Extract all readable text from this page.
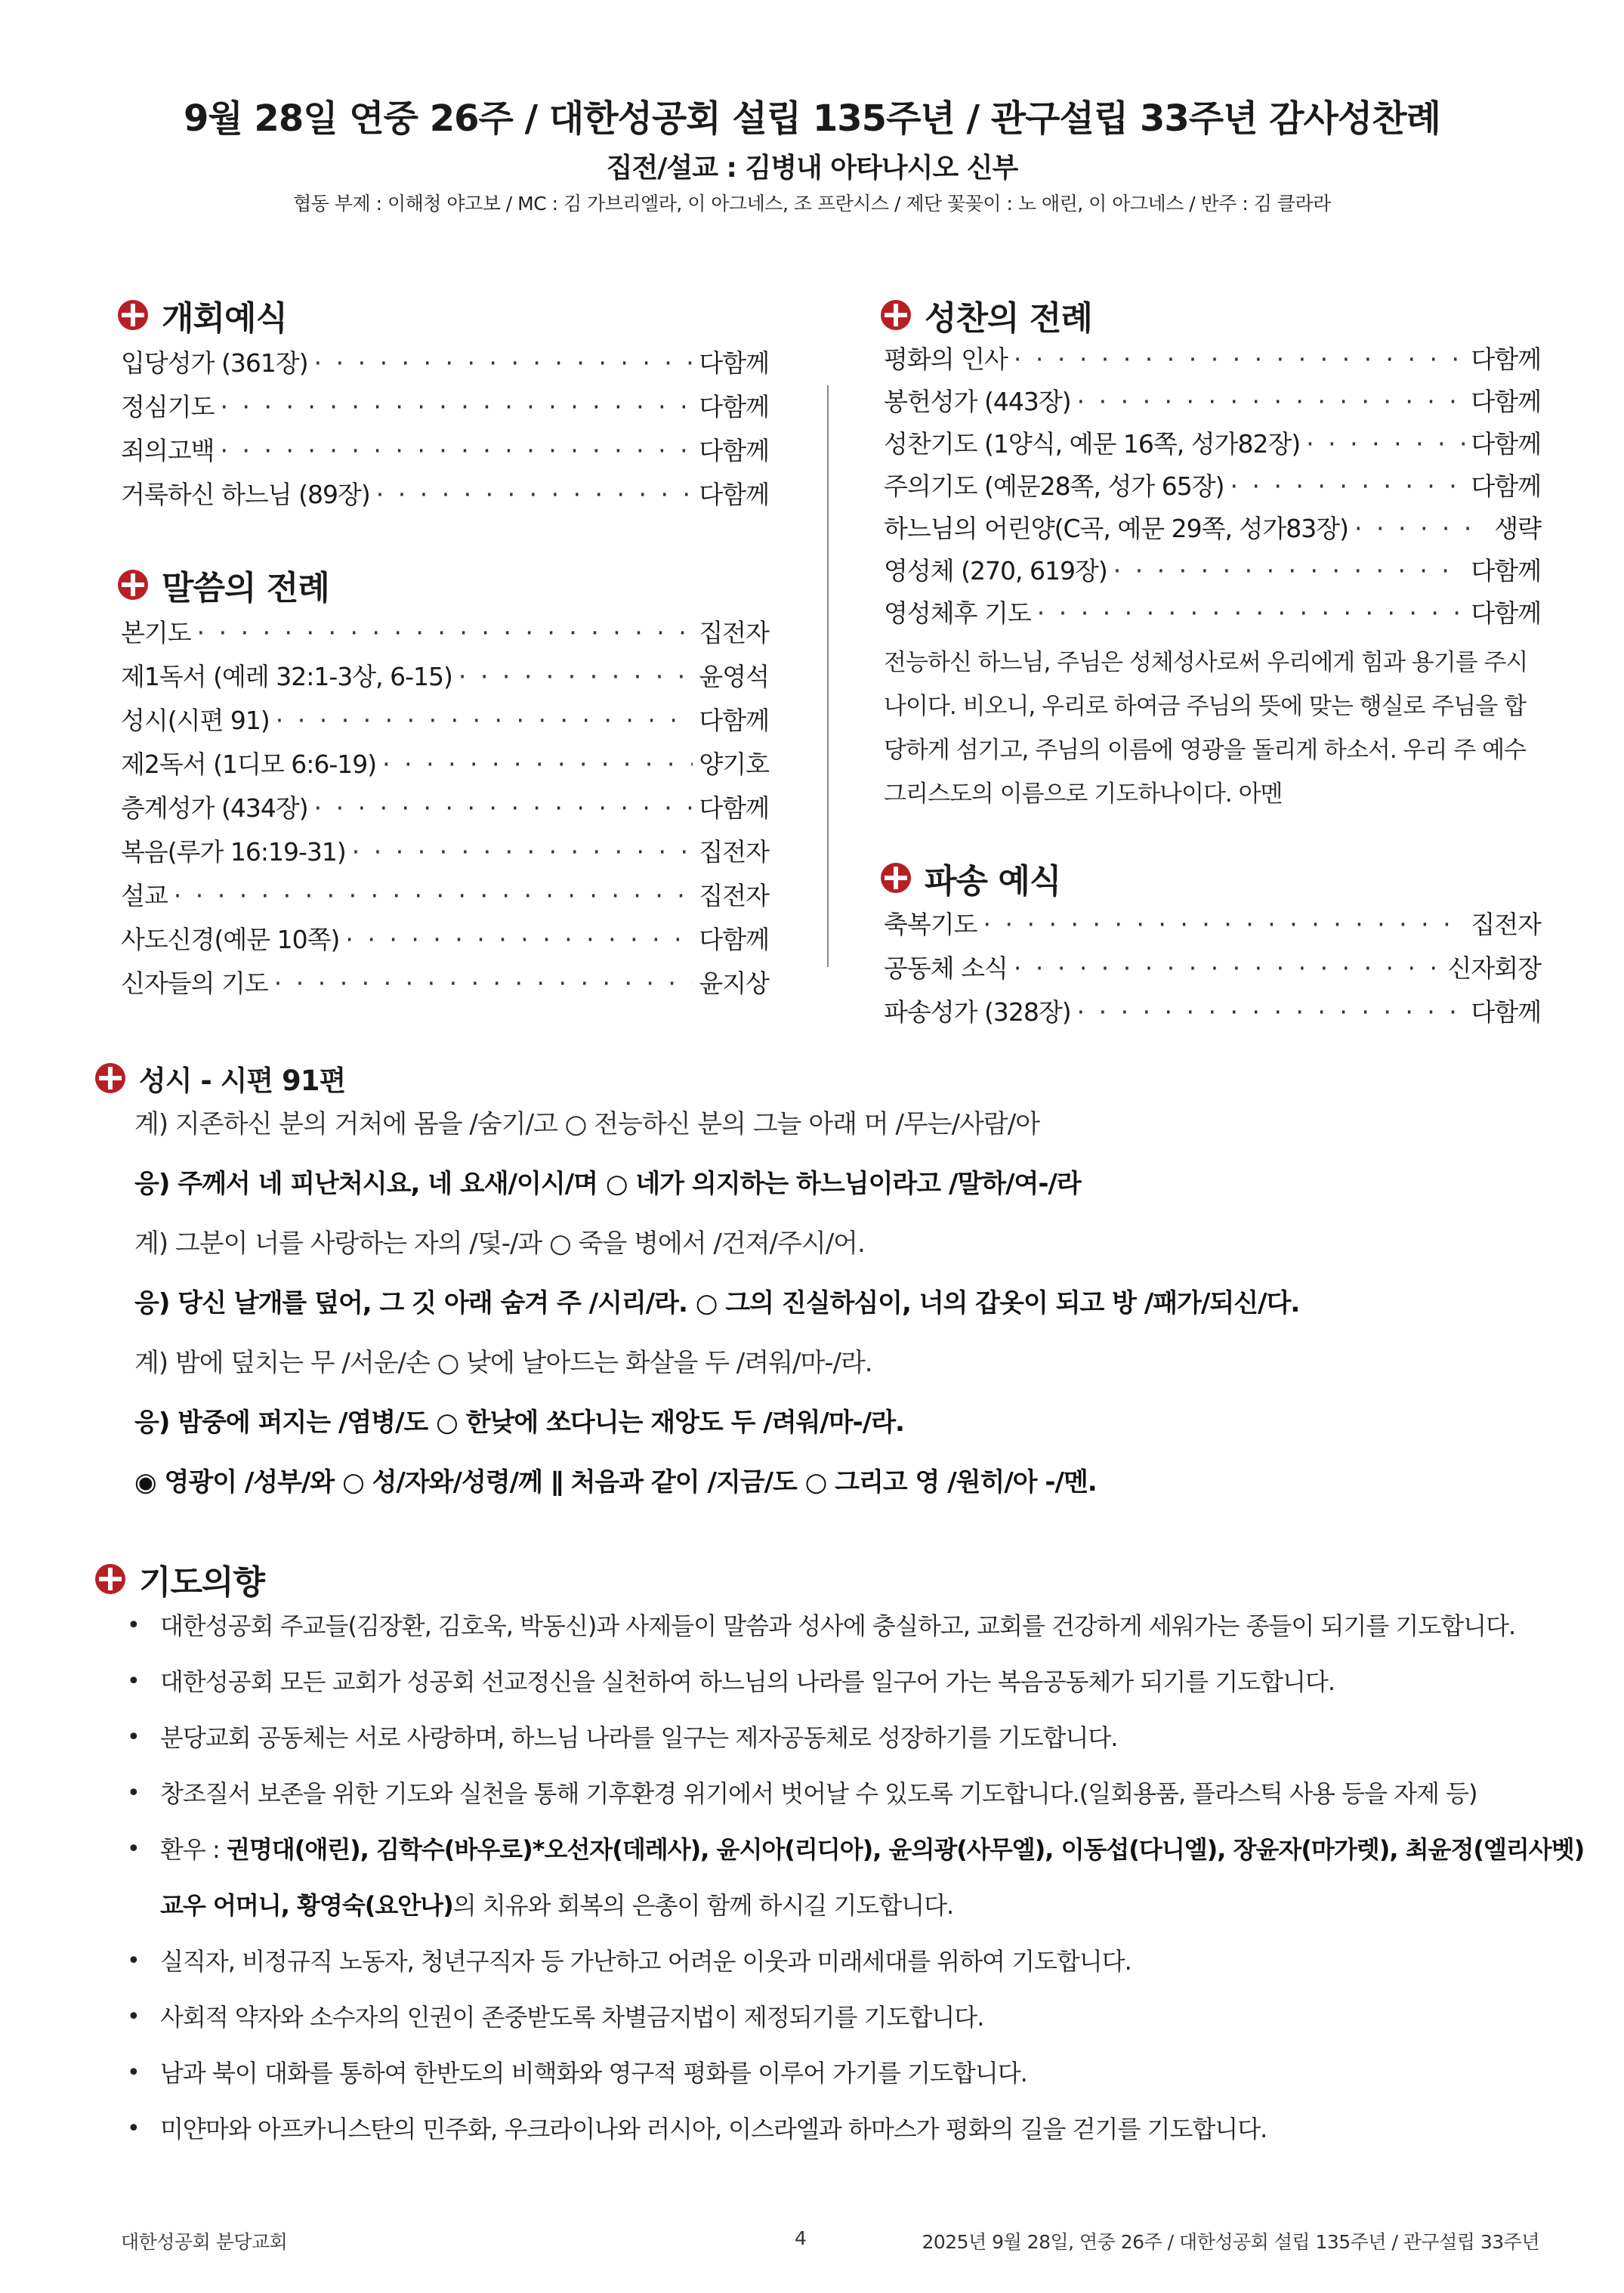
9월 28일 연중 26주 / 대한성공회 설립 135주년 / 관구설립 33주년 감사성찬례
집전/설교 : 김병내 아타나시오 신부
협동 부제 : 이해청 야고보 / MC : 김 가브리엘라, 이 아그네스, 조 프란시스 / 제단 꽃꽂이 : 노 애린, 이 아그네스 / 반주 : 김 클라라
개회예식
입당성가 (361장) · · ·	다함께
정심기도 · · ·	다함께
죄의고백 · · ·	다함께
거룩하신 하느님 (89장) · · ·	다함께
말씀의 전례
본기도 · · ·	집전자
제1독서 (예레 32:1-3상, 6-15) · · ·	윤영석
성시(시편 91) · · ·	다함께
제2독서 (1디모 6:6-19) · · ·	양기호
층계성가 (434장) · · ·	다함께
복음(루가 16:19-31) · · ·	집전자
설교 · · ·	집전자
사도신경(예문 10쪽) · · ·	다함께
신자들의 기도 · · ·	윤지상
성찬의 전례
평화의 인사 · · ·	다함께
봉헌성가 (443장) · · ·	다함께
성찬기도 (1양식, 예문 16쪽, 성가82장) · · ·	다함께
주의기도 (예문28쪽, 성가 65장) · · ·	다함께
하느님의 어린양(C곡, 예문 29쪽, 성가83장) · · ·	생략
영성체 (270, 619장) · · ·	다함께
영성체후 기도 · · ·	다함께
전능하신 하느님, 주님은 성체성사로써 우리에게 힘과 용기를 주시나이다. 비오니, 우리로 하여금 주님의 뜻에 맞는 행실로 주님을 합당하게 섬기고, 주님의 이름에 영광을 돌리게 하소서. 우리 주 예수 그리스도의 이름으로 기도하나이다. 아멘
파송 예식
축복기도 · · ·	집전자
공동체 소식 · · ·	신자회장
파송성가 (328장) · · ·	다함께
성시 - 시편 91편
계) 지존하신 분의 거처에 몸을 /숨기/고 ○ 전능하신 분의 그늘 아래 머 /무는/사람/아
응) 주께서 네 피난처시요, 네 요새/이시/며 ○ 네가 의지하는 하느님이라고 /말하/여-/라
계) 그분이 너를 사랑하는 자의 /덫-/과 ○ 죽을 병에서 /건져/주시/어.
응) 당신 날개를 덮어, 그 깃 아래 숨겨 주 /시리/라. ○ 그의 진실하심이, 너의 갑옷이 되고 방 /패가/되신/다.
계) 밤에 덮치는 무 /서운/손 ○ 낮에 날아드는 화살을 두 /려워/마-/라.
응) 밤중에 퍼지는 /염병/도 ○ 한낮에 쏘다니는 재앙도 두 /려워/마-/라.
◉ 영광이 /성부/와 ○ 성/자와/성령/께 ∥ 처음과 같이 /지금/도 ○ 그리고 영 /원히/아 -/멘.
기도의향
• 대한성공회 주교들(김장환, 김호욱, 박동신)과 사제들이 말씀과 성사에 충실하고, 교회를 건강하게 세워가는 종들이 되기를 기도합니다.
• 대한성공회 모든 교회가 성공회 선교정신을 실천하여 하느님의 나라를 일구어 가는 복음공동체가 되기를 기도합니다.
• 분당교회 공동체는 서로 사랑하며, 하느님 나라를 일구는 제자공동체로 성장하기를 기도합니다.
• 창조질서 보존을 위한 기도와 실천을 통해 기후환경 위기에서 벗어날 수 있도록 기도합니다.(일회용품, 플라스틱 사용 등을 자제 등)
• 환우 : 권명대(애린), 김학수(바우로)*오선자(데레사), 윤시아(리디아), 윤의광(사무엘), 이동섭(다니엘), 장윤자(마가렛), 최윤정(엘리사벳) 교우 어머니, 황영숙(요안나)의 치유와 회복의 은총이 함께 하시길 기도합니다.
• 실직자, 비정규직 노동자, 청년구직자 등 가난하고 어려운 이웃과 미래세대를 위하여 기도합니다.
• 사회적 약자와 소수자의 인권이 존중받도록 차별금지법이 제정되기를 기도합니다.
• 남과 북이 대화를 통하여 한반도의 비핵화와 영구적 평화를 이루어 가기를 기도합니다.
• 미얀마와 아프카니스탄의 민주화, 우크라이나와 러시아, 이스라엘과 하마스가 평화의 길을 걷기를 기도합니다.
대한성공회 분당교회	4	2025년 9월 28일, 연중 26주 / 대한성공회 설립 135주년 / 관구설립 33주년
